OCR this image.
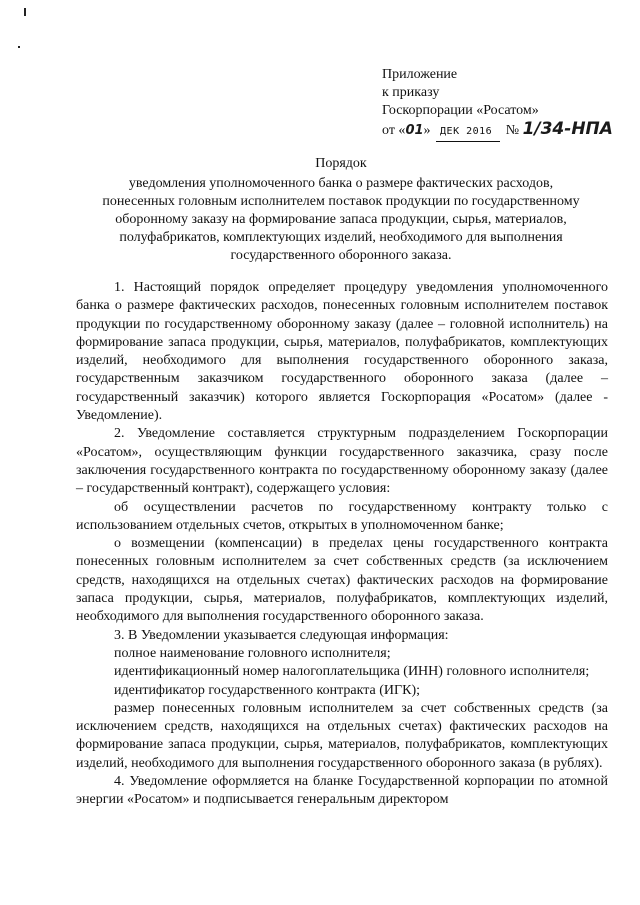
Приложение
к приказу
Госкорпорации «Росатом»
от «01» ДЕК 2016 № 1/34-НПА
Порядок
уведомления уполномоченного банка о размере фактических расходов,
понесенных головным исполнителем поставок продукции по государственному
оборонному заказу на формирование запаса продукции, сырья, материалов,
полуфабрикатов, комплектующих изделий, необходимого для выполнения
государственного оборонного заказа.

1. Настоящий порядок определяет процедуру уведомления уполномоченного банка о размере фактических расходов, понесенных головным исполнителем поставок продукции по государственному оборонному заказу (далее – головной исполнитель) на формирование запаса продукции, сырья, материалов, полуфабрикатов, комплектующих изделий, необходимого для выполнения государственного оборонного заказа, государственным заказчиком государственного оборонного заказа (далее – государственный заказчик) которого является Госкорпорация «Росатом» (далее - Уведомление).

2. Уведомление составляется структурным подразделением Госкорпорации «Росатом», осуществляющим функции государственного заказчика, сразу после заключения государственного контракта по государственному оборонному заказу (далее – государственный контракт), содержащего условия:

об осуществлении расчетов по государственному контракту только с использованием отдельных счетов, открытых в уполномоченном банке;

о возмещении (компенсации) в пределах цены государственного контракта понесенных головным исполнителем за счет собственных средств (за исключением средств, находящихся на отдельных счетах) фактических расходов на формирование запаса продукции, сырья, материалов, полуфабрикатов, комплектующих изделий, необходимого для выполнения государственного оборонного заказа.

3. В Уведомлении указывается следующая информация:

полное наименование головного исполнителя;

идентификационный номер налогоплательщика (ИНН) головного исполнителя;

идентификатор государственного контракта (ИГК);

размер понесенных головным исполнителем за счет собственных средств (за исключением средств, находящихся на отдельных счетах) фактических расходов на формирование запаса продукции, сырья, материалов, полуфабрикатов, комплектующих изделий, необходимого для выполнения государственного оборонного заказа (в рублях).

4. Уведомление оформляется на бланке Государственной корпорации по атомной энергии «Росатом» и подписывается генеральным директором
